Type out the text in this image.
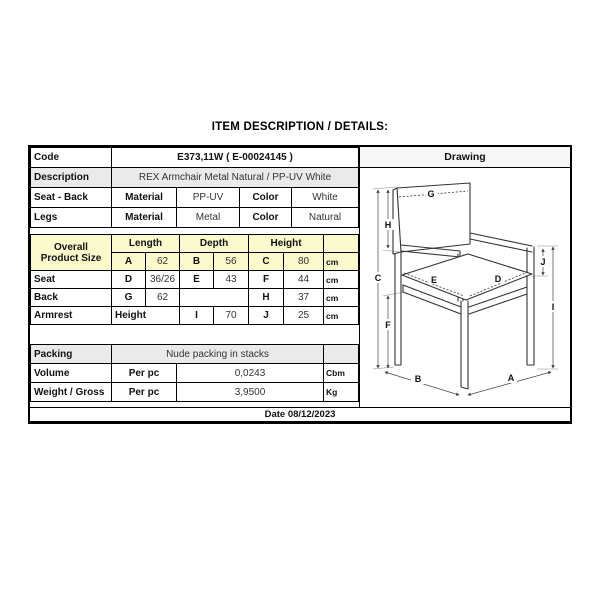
ITEM DESCRIPTION / DETAILS:
Code	E373,11W ( E-00024145 )			
Description	REX Armchair Metal Natural / PP-UV White			
Seat - Back	Material	PP-UV	Color	White
Legs	Material	Metal	Color	Natural
Overall Product Size	Length		Depth		Height		
	A	62	B	56	C	80	cm
Seat	D	36/26	E	43	F	44	cm
Back	G	62			H	37	cm
Armrest	Height		I	70	J	25	cm
Packing	Nude packing in stacks		
Volume	Per pc	0,0243	Cbm
Weight / Gross	Per pc	3,9500	Kg
Drawing
G
H
C
F
E	D
I
J
B	A
Date 08/12/2023
